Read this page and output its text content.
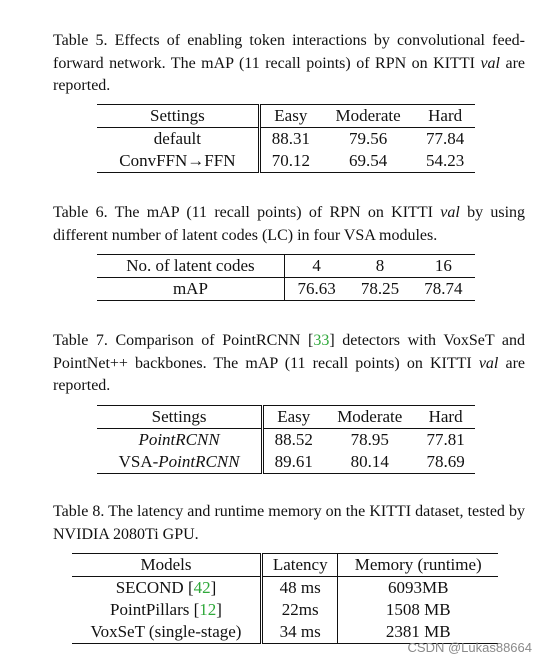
Table 5. Effects of enabling token interactions by convolutional feed-forward network. The mAP (11 recall points) of RPN on KITTI val are reported.
Settings	Easy	Moderate	Hard
default	88.31	79.56	77.84
ConvFFN→FFN	70.12	69.54	54.23
Table 6. The mAP (11 recall points) of RPN on KITTI val by using different number of latent codes (LC) in four VSA modules.
No. of latent codes	4	8	16
mAP	76.63	78.25	78.74
Table 7. Comparison of PointRCNN [33] detectors with VoxSeT and PointNet++ backbones. The mAP (11 recall points) on KITTI val are reported.
Settings	Easy	Moderate	Hard
PointRCNN	88.52	78.95	77.81
VSA-PointRCNN	89.61	80.14	78.69
Table 8. The latency and runtime memory on the KITTI dataset, tested by NVIDIA 2080Ti GPU.
Models	Latency	Memory (runtime)
SECOND [42]	48 ms	6093MB
PointPillars [12]	22ms	1508 MB
VoxSeT (single-stage)	34 ms	2381 MB
CSDN @Lukas88664
